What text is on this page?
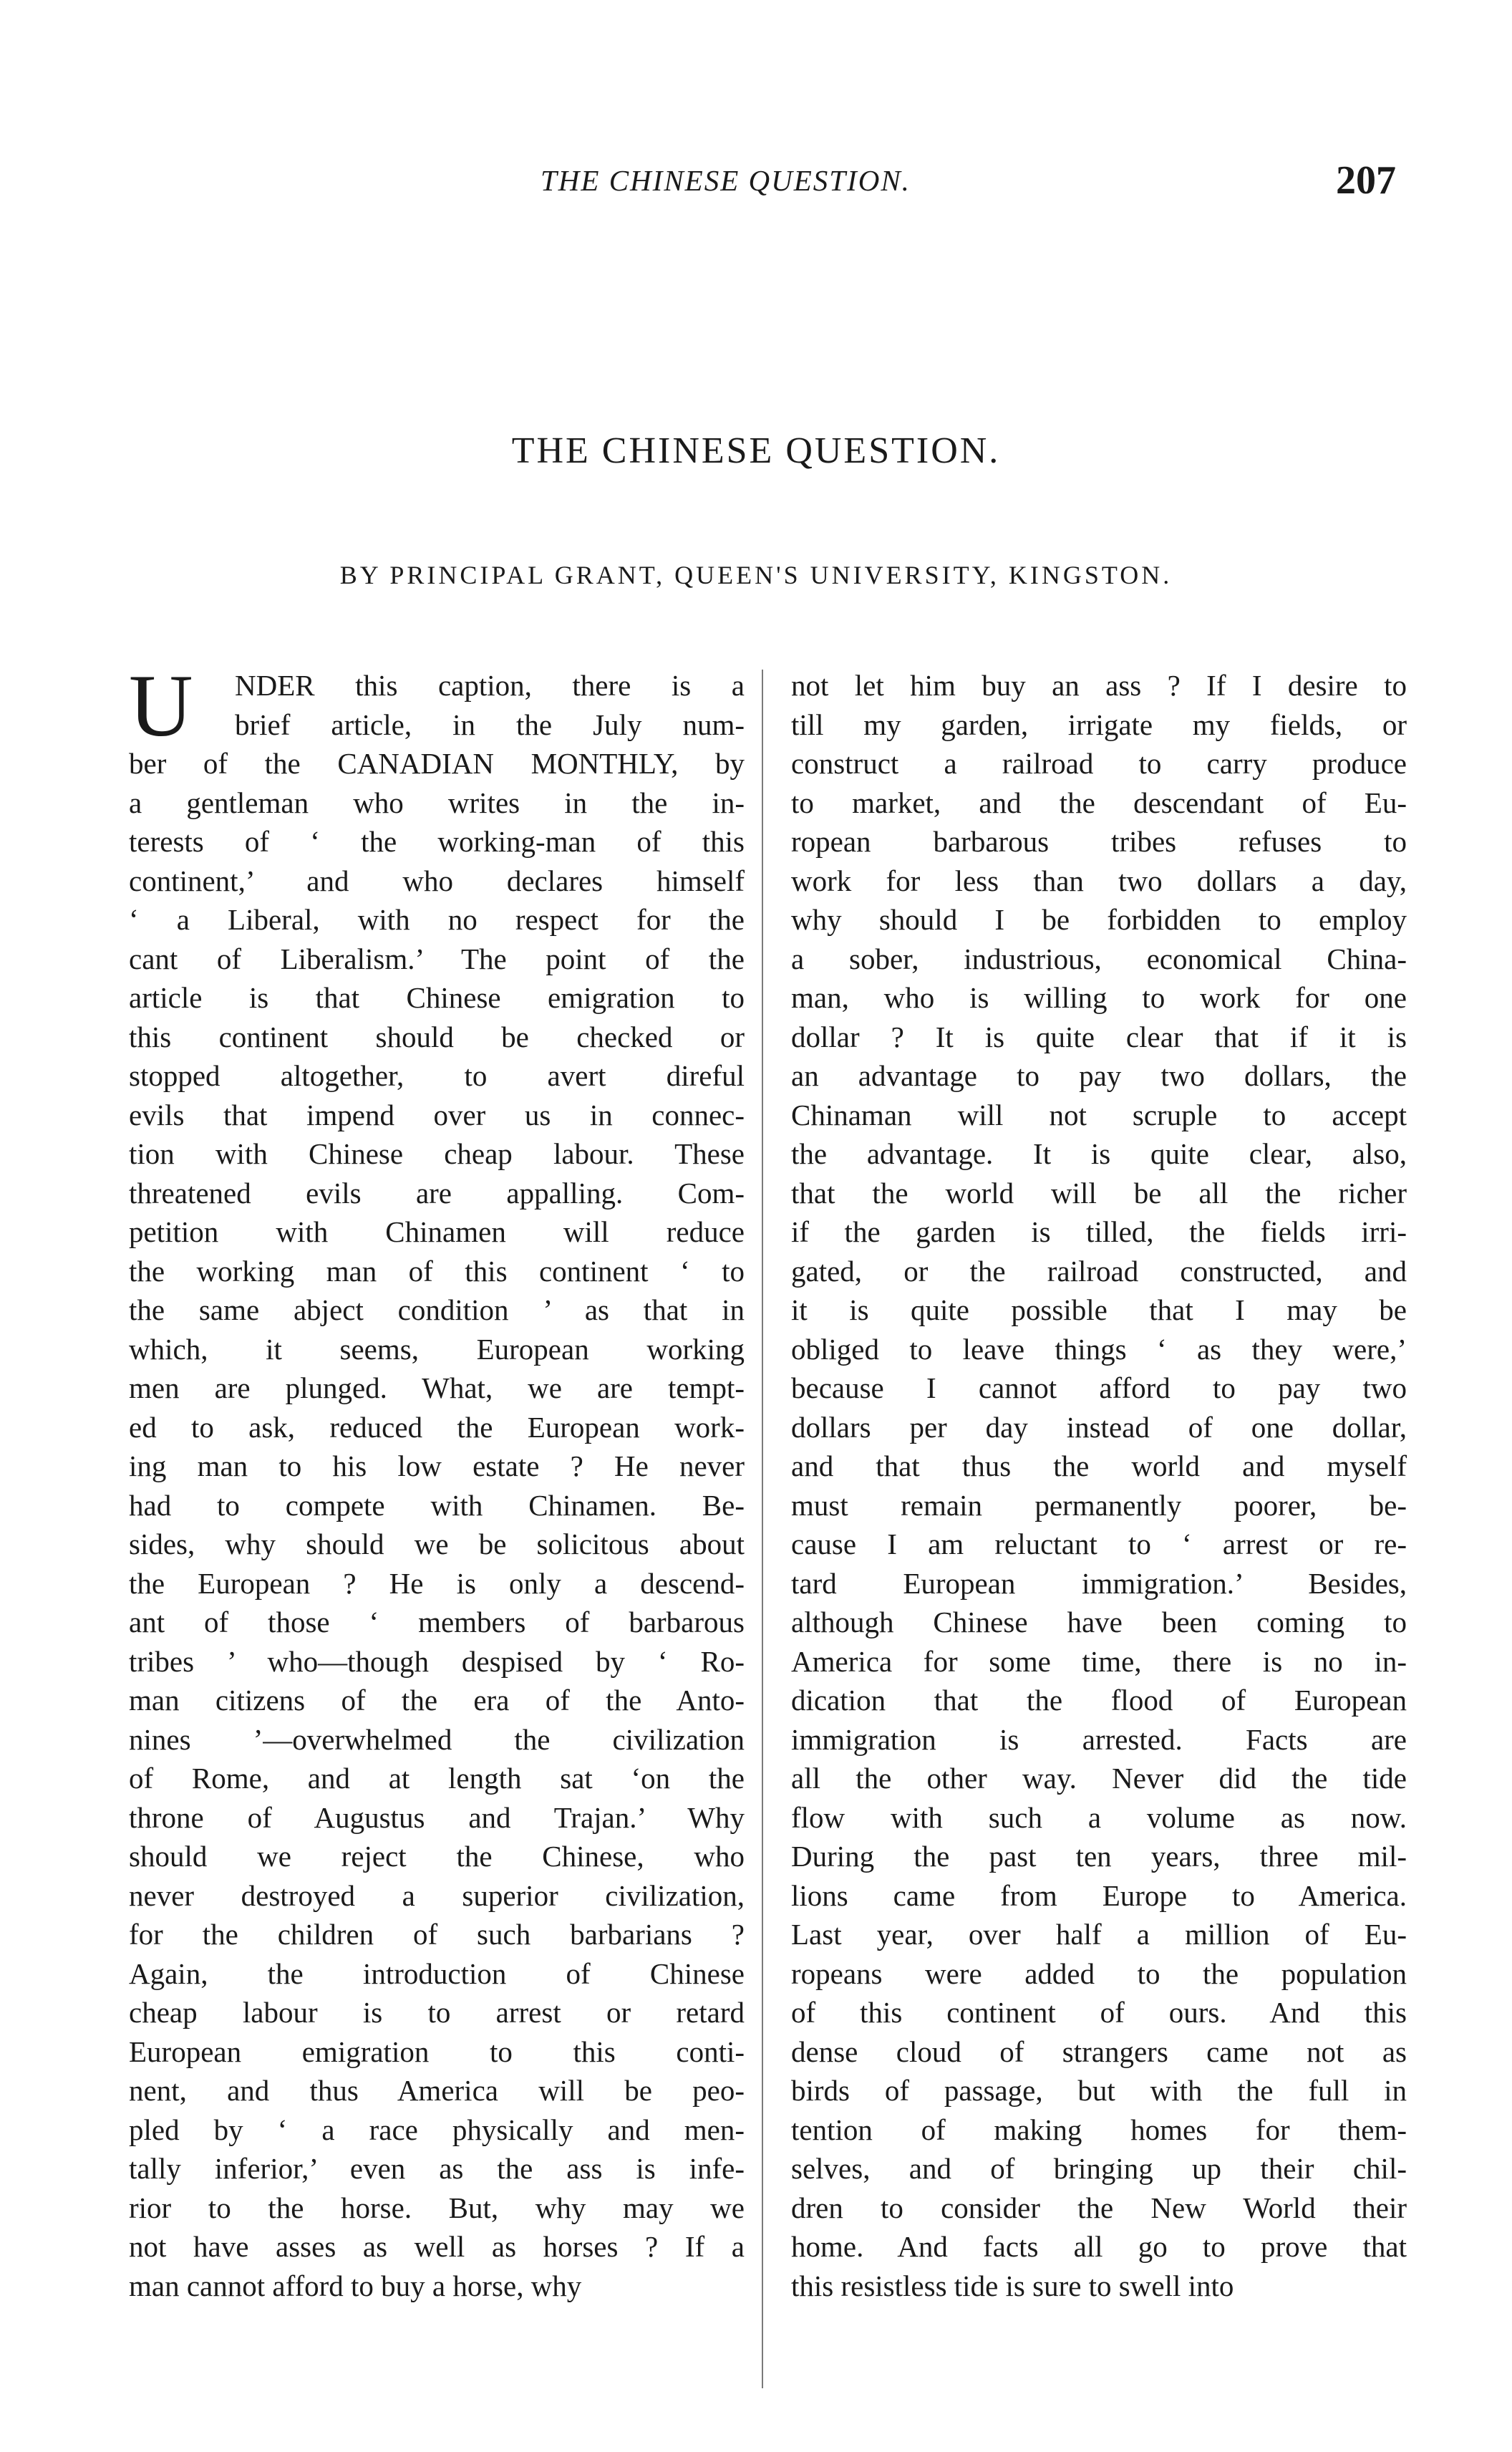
THE CHINESE QUESTION.	207
THE CHINESE QUESTION.
BY PRINCIPAL GRANT, QUEEN'S UNIVERSITY, KINGSTON.
U	NDER this caption, there is a
brief article, in the July num-
ber of the CANADIAN MONTHLY, by
a gentleman who writes in the in-
terests of ‘ the working-man of this
continent,’ and who declares himself
‘ a Liberal, with no respect for the
cant of Liberalism.’ The point of the
article is that Chinese emigration to
this continent should be checked or
stopped altogether, to avert direful
evils that impend over us in connec-
tion with Chinese cheap labour. These
threatened evils are appalling. Com-
petition with Chinamen will reduce
the working man of this continent ‘ to
the same abject condition ’ as that in
which, it seems, European working
men are plunged. What, we are tempt-
ed to ask, reduced the European work-
ing man to his low estate ? He never
had to compete with Chinamen. Be-
sides, why should we be solicitous about
the European ? He is only a descend-
ant of those ‘ members of barbarous
tribes ’ who—though despised by ‘ Ro-
man citizens of the era of the Anto-
nines ’—overwhelmed the civilization
of Rome, and at length sat ‘on the
throne of Augustus and Trajan.’ Why
should we reject the Chinese, who
never destroyed a superior civilization,
for the children of such barbarians ?
Again, the introduction of Chinese
cheap labour is to arrest or retard
European emigration to this conti-
nent, and thus America will be peo-
pled by ‘ a race physically and men-
tally inferior,’ even as the ass is infe-
rior to the horse. But, why may we
not have asses as well as horses ? If a
man cannot afford to buy a horse, why
not let him buy an ass ? If I desire to
till my garden, irrigate my fields, or
construct a railroad to carry produce
to market, and the descendant of Eu-
ropean barbarous tribes refuses to
work for less than two dollars a day,
why should I be forbidden to employ
a sober, industrious, economical China-
man, who is willing to work for one
dollar ? It is quite clear that if it is
an advantage to pay two dollars, the
Chinaman will not scruple to accept
the advantage. It is quite clear, also,
that the world will be all the richer
if the garden is tilled, the fields irri-
gated, or the railroad constructed, and
it is quite possible that I may be
obliged to leave things ‘ as they were,’
because I cannot afford to pay two
dollars per day instead of one dollar,
and that thus the world and myself
must remain permanently poorer, be-
cause I am reluctant to ‘ arrest or re-
tard European immigration.’ Besides,
although Chinese have been coming to
America for some time, there is no in-
dication that the flood of European
immigration is arrested. Facts are
all the other way. Never did the tide
flow with such a volume as now.
During the past ten years, three mil-
lions came from Europe to America.
Last year, over half a million of Eu-
ropeans were added to the population
of this continent of ours. And this
dense cloud of strangers came not as
birds of passage, but with the full in
tention of making homes for them-
selves, and of bringing up their chil-
dren to consider the New World their
home. And facts all go to prove that
this resistless tide is sure to swell into
